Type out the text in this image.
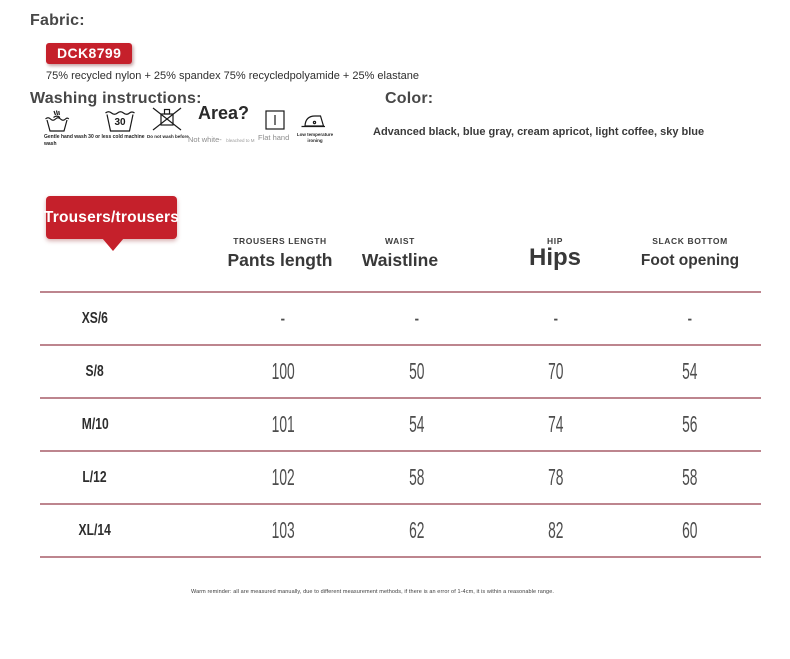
Fabric:
DCK8799
75% recycled nylon + 25% spandex 75% recycledpolyamide + 25% elastane
Washing instructions:
30
Gentle hand wash 30 or less cold machine wash
Do not wash before
Area?
Not white- bleached to M Flat hand	Low temperature ironing
Color:
Advanced black, blue gray, cream apricot, light coffee, sky blue
Trousers/trousers
TROUSERS LENGTH	WAIST	HIP	SLACK BOTTOM
Pants length	Waistline	Hips	Foot opening
XS/6	-	-	-	-
S/8	100	50	70	54
M/10	101	54	74	56
L/12	102	58	78	58
XL/14	103	62	82	60
Warm reminder: all are measured manually, due to different measurement methods, if there is an error of 1-4cm, it is within a reasonable range.
